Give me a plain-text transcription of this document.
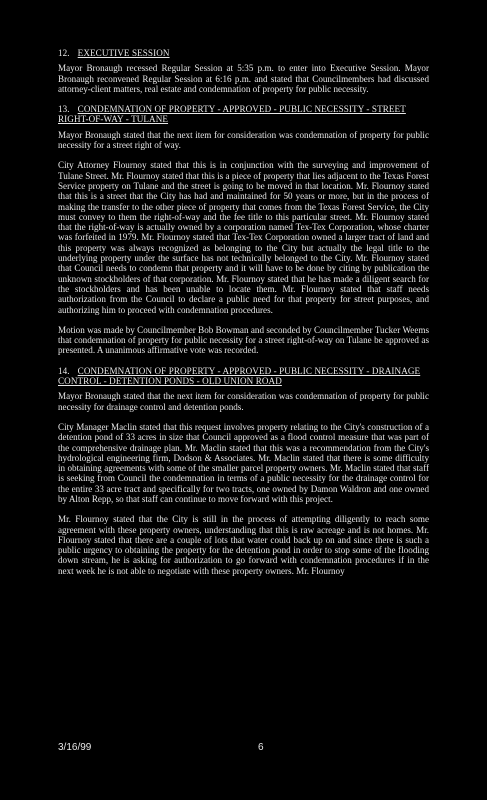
12. EXECUTIVE SESSION

Mayor Bronaugh recessed Regular Session at 5:35 p.m. to enter into Executive Session. Mayor Bronaugh reconvened Regular Session at 6:16 p.m. and stated that Councilmembers had discussed attorney-client matters, real estate and condemnation of property for public necessity.

13. CONDEMNATION OF PROPERTY - APPROVED - PUBLIC NECESSITY - STREET RIGHT-OF-WAY - TULANE

Mayor Bronaugh stated that the next item for consideration was condemnation of property for public necessity for a street right of way.

City Attorney Flournoy stated that this is in conjunction with the surveying and improvement of Tulane Street. Mr. Flournoy stated that this is a piece of property that lies adjacent to the Texas Forest Service property on Tulane and the street is going to be moved in that location. Mr. Flournoy stated that this is a street that the City has had and maintained for 50 years or more, but in the process of making the transfer to the other piece of property that comes from the Texas Forest Service, the City must convey to them the right-of-way and the fee title to this particular street. Mr. Flournoy stated that the right-of-way is actually owned by a corporation named Tex-Tex Corporation, whose charter was forfeited in 1979. Mr. Flournoy stated that Tex-Tex Corporation owned a larger tract of land and this property was always recognized as belonging to the City but actually the legal title to the underlying property under the surface has not technically belonged to the City. Mr. Flournoy stated that Council needs to condemn that property and it will have to be done by citing by publication the unknown stockholders of that corporation. Mr. Flournoy stated that he has made a diligent search for the stockholders and has been unable to locate them. Mr. Flournoy stated that staff needs authorization from the Council to declare a public need for that property for street purposes, and authorizing him to proceed with condemnation procedures.

Motion was made by Councilmember Bob Bowman and seconded by Councilmember Tucker Weems that condemnation of property for public necessity for a street right-of-way on Tulane be approved as presented. A unanimous affirmative vote was recorded.

14. CONDEMNATION OF PROPERTY - APPROVED - PUBLIC NECESSITY - DRAINAGE CONTROL - DETENTION PONDS - OLD UNION ROAD

Mayor Bronaugh stated that the next item for consideration was condemnation of property for public necessity for drainage control and detention ponds.

City Manager Maclin stated that this request involves property relating to the City's construction of a detention pond of 33 acres in size that Council approved as a flood control measure that was part of the comprehensive drainage plan. Mr. Maclin stated that this was a recommendation from the City's hydrological engineering firm, Dodson & Associates. Mr. Maclin stated that there is some difficulty in obtaining agreements with some of the smaller parcel property owners. Mr. Maclin stated that staff is seeking from Council the condemnation in terms of a public necessity for the drainage control for the entire 33 acre tract and specifically for two tracts, one owned by Damon Waldron and one owned by Alton Repp, so that staff can continue to move forward with this project.

Mr. Flournoy stated that the City is still in the process of attempting diligently to reach some agreement with these property owners, understanding that this is raw acreage and is not homes. Mr. Flournoy stated that there are a couple of lots that water could back up on and since there is such a public urgency to obtaining the property for the detention pond in order to stop some of the flooding down stream, he is asking for authorization to go forward with condemnation procedures if in the next week he is not able to negotiate with these property owners. Mr. Flournoy

3/16/99	6
